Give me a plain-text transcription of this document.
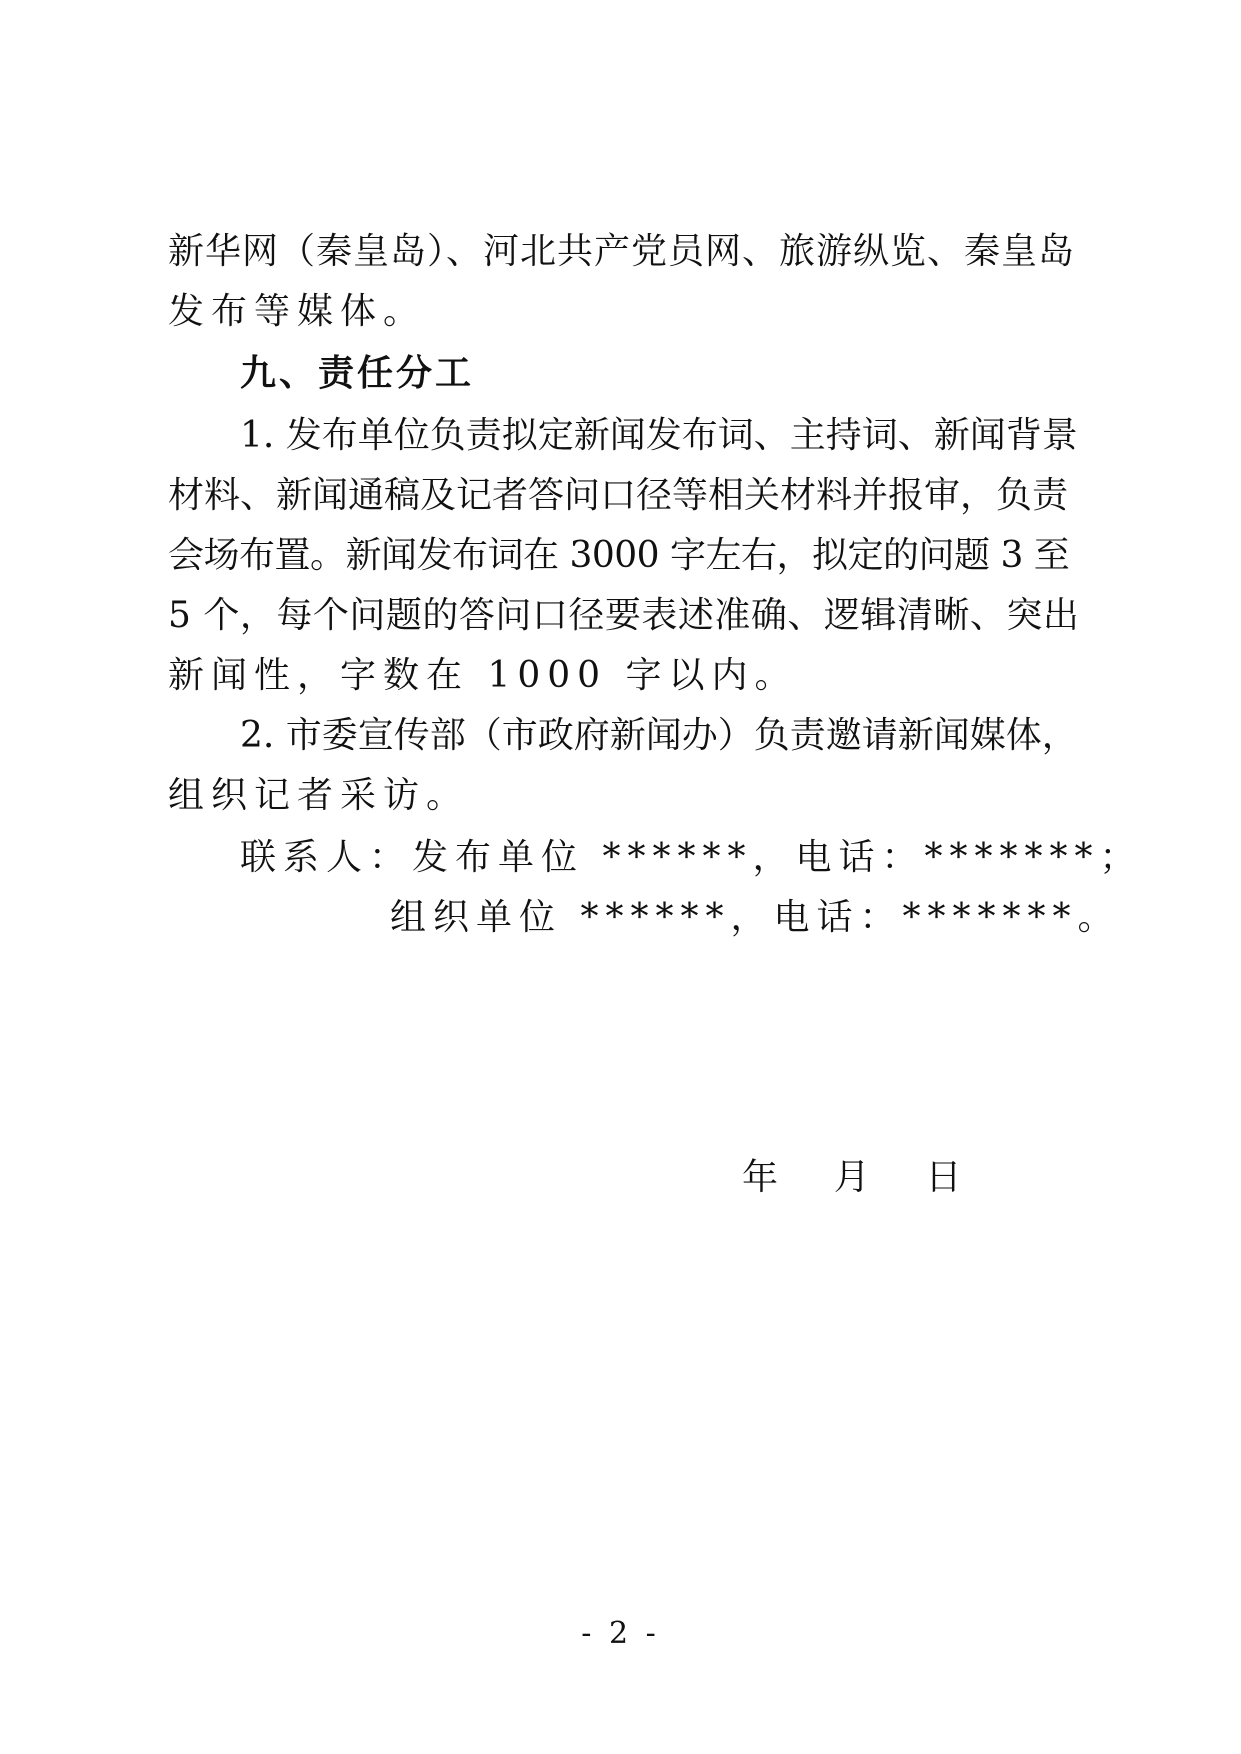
新华网（秦皇岛）、河北共产党员网、旅游纵览、秦皇岛
发布等媒体。
九、责任分工
1. 发布单位负责拟定新闻发布词、主持词、新闻背景
材料、新闻通稿及记者答问口径等相关材料并报审，负责
会场布置。新闻发布词在 3000 字左右，拟定的问题 3 至
5 个，每个问题的答问口径要表述准确、逻辑清晰、突出
新闻性，字数在 1000 字以内。
2. 市委宣传部（市政府新闻办）负责邀请新闻媒体，
组织记者采访。
联系人：发布单位 ******，电话：*******；
组织单位 ******，电话：*******。
年    月    日
- 2 -
